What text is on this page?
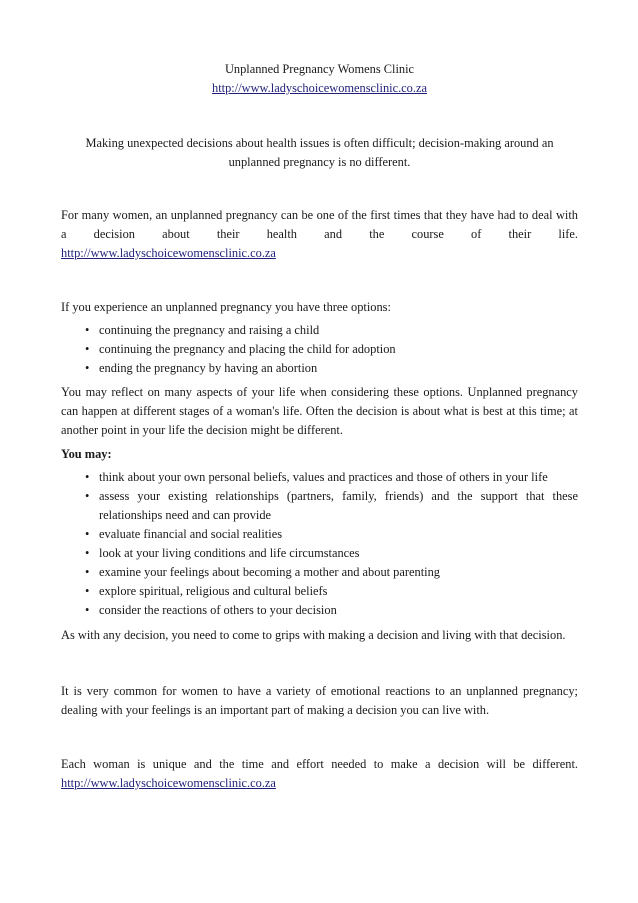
Unplanned Pregnancy Womens Clinic
http://www.ladyschoicewomensclinic.co.za
Making unexpected decisions about health issues is often difficult; decision-making around an unplanned pregnancy is no different.

For many women, an unplanned pregnancy can be one of the first times that they have had to deal with a decision about their health and the course of their life.
http://www.ladyschoicewomensclinic.co.za

If you experience an unplanned pregnancy you have three options:

• continuing the pregnancy and raising a child
• continuing the pregnancy and placing the child for adoption
• ending the pregnancy by having an abortion

You may reflect on many aspects of your life when considering these options. Unplanned pregnancy can happen at different stages of a woman's life. Often the decision is about what is best at this time; at another point in your life the decision might be different.

You may:

• think about your own personal beliefs, values and practices and those of others in your life
• assess your existing relationships (partners, family, friends) and the support that these relationships need and can provide
• evaluate financial and social realities
• look at your living conditions and life circumstances
• examine your feelings about becoming a mother and about parenting
• explore spiritual, religious and cultural beliefs
• consider the reactions of others to your decision

As with any decision, you need to come to grips with making a decision and living with that decision.

It is very common for women to have a variety of emotional reactions to an unplanned pregnancy; dealing with your feelings is an important part of making a decision you can live with.

Each woman is unique and the time and effort needed to make a decision will be different.
http://www.ladyschoicewomensclinic.co.za
